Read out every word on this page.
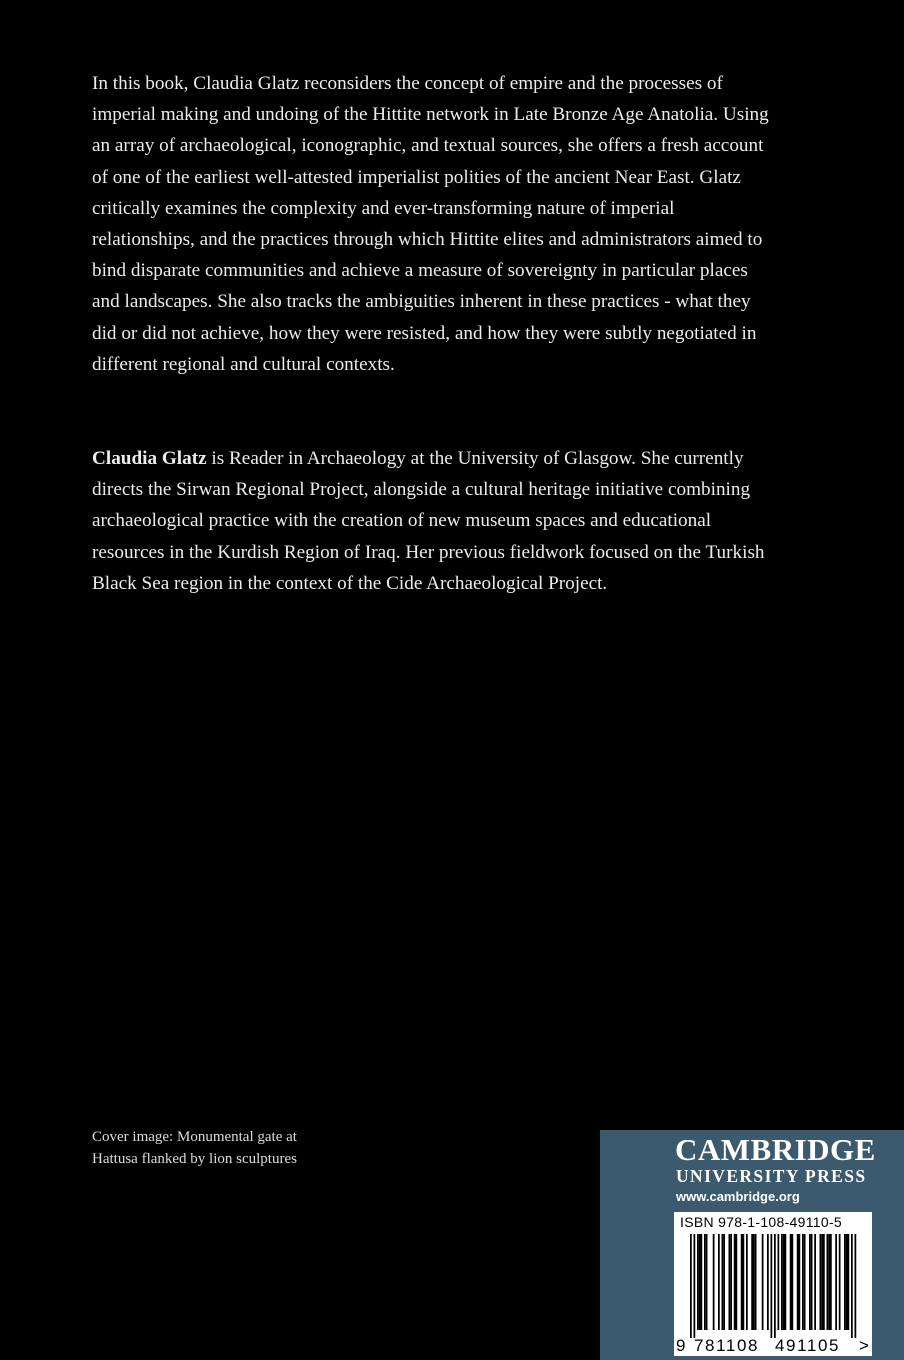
In this book, Claudia Glatz reconsiders the concept of empire and the processes of imperial making and undoing of the Hittite network in Late Bronze Age Anatolia. Using an array of archaeological, iconographic, and textual sources, she offers a fresh account of one of the earliest well-attested imperialist polities of the ancient Near East. Glatz critically examines the complexity and ever-transforming nature of imperial relationships, and the practices through which Hittite elites and administrators aimed to bind disparate communities and achieve a measure of sovereignty in particular places and landscapes. She also tracks the ambiguities inherent in these practices - what they did or did not achieve, how they were resisted, and how they were subtly negotiated in different regional and cultural contexts.

Claudia Glatz is Reader in Archaeology at the University of Glasgow. She currently directs the Sirwan Regional Project, alongside a cultural heritage initiative combining archaeological practice with the creation of new museum spaces and educational resources in the Kurdish Region of Iraq. Her previous fieldwork focused on the Turkish Black Sea region in the context of the Cide Archaeological Project.

Cover image: Monumental gate at
Hattusa flanked by lion sculptures	CAMBRIDGE

UNIVERSITY PRESS

www.cambridge.org

ISBN 978-1-108-49110-5

9 781108 491105 >
